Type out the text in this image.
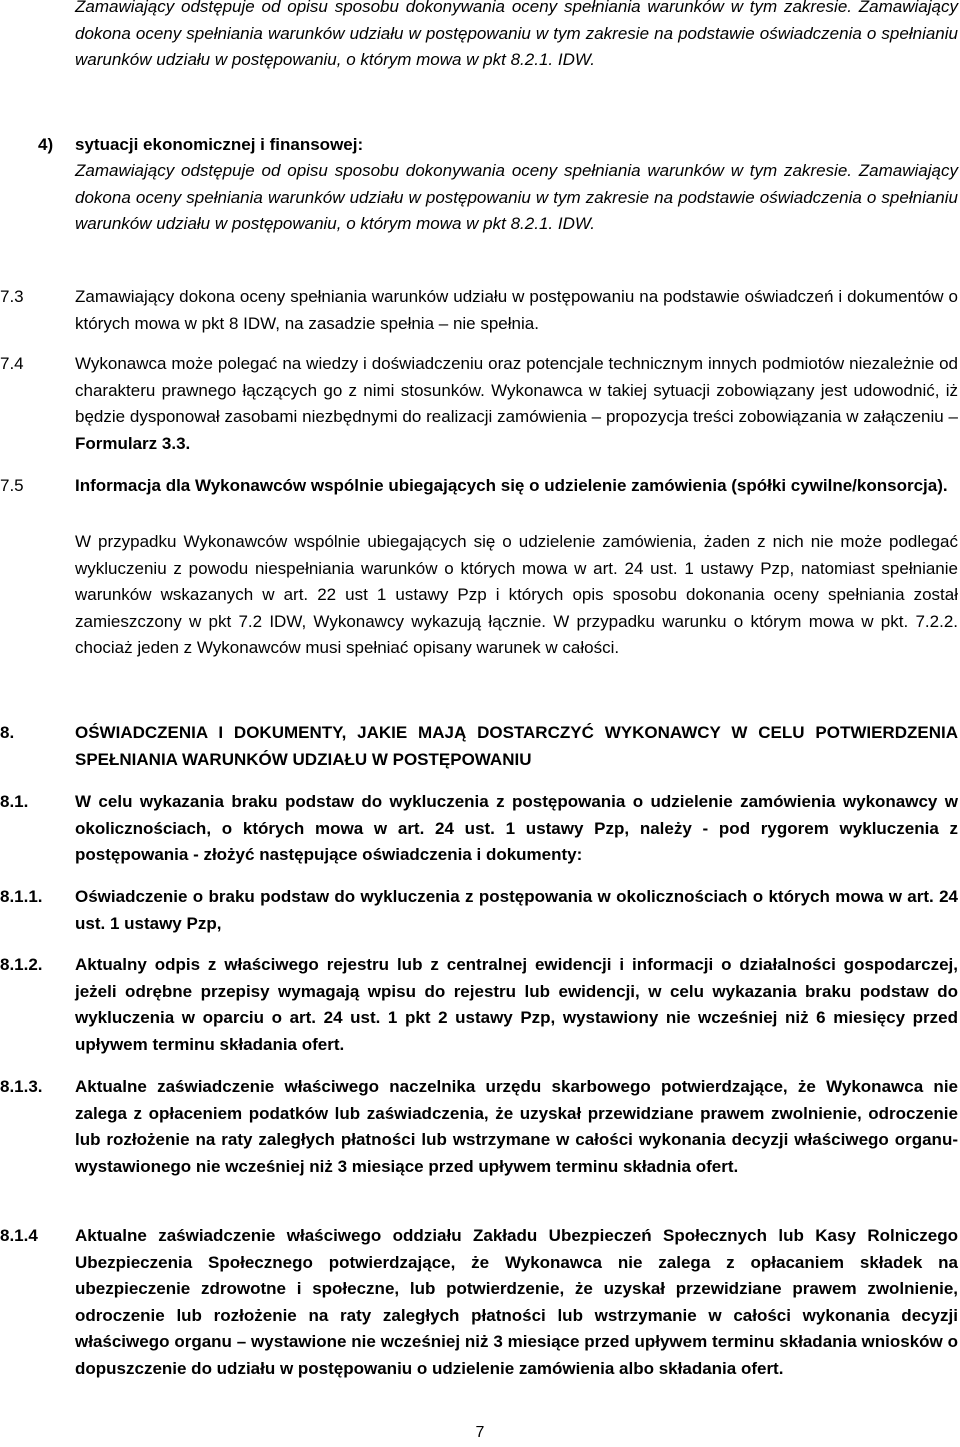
Zamawiający odstępuje od opisu sposobu dokonywania oceny spełniania warunków w tym zakresie. Zamawiający dokona oceny spełniania warunków udziału w postępowaniu w tym zakresie na podstawie oświadczenia o spełnianiu warunków udziału w postępowaniu, o którym mowa w pkt 8.2.1. IDW.
4) sytuacji ekonomicznej i finansowej:
Zamawiający odstępuje od opisu sposobu dokonywania oceny spełniania warunków w tym zakresie. Zamawiający dokona oceny spełniania warunków udziału w postępowaniu w tym zakresie na podstawie oświadczenia o spełnianiu warunków udziału w postępowaniu, o którym mowa w pkt 8.2.1. IDW.
7.3	Zamawiający dokona oceny spełniania warunków udziału w postępowaniu na podstawie oświadczeń i dokumentów o których mowa w pkt 8 IDW, na zasadzie spełnia – nie spełnia.
7.4	Wykonawca może polegać na wiedzy i doświadczeniu oraz potencjale technicznym innych podmiotów niezależnie od charakteru prawnego łączących go z nimi stosunków. Wykonawca w takiej sytuacji zobowiązany jest udowodnić, iż będzie dysponował zasobami niezbędnymi do realizacji zamówienia – propozycja treści zobowiązania w załączeniu – Formularz 3.3.
7.5	Informacja dla Wykonawców wspólnie ubiegających się o udzielenie zamówienia (spółki cywilne/konsorcja).
W przypadku Wykonawców wspólnie ubiegających się o udzielenie zamówienia, żaden z nich nie może podlegać wykluczeniu z powodu niespełniania warunków o których mowa w art. 24 ust. 1 ustawy Pzp, natomiast spełnianie warunków wskazanych w art. 22 ust 1 ustawy Pzp i których opis sposobu dokonania oceny spełniania został zamieszczony w pkt 7.2 IDW, Wykonawcy wykazują łącznie. W przypadku warunku o którym mowa w pkt. 7.2.2. chociaż jeden z Wykonawców musi spełniać opisany warunek w całości.
8.	OŚWIADCZENIA I DOKUMENTY, JAKIE MAJĄ DOSTARCZYĆ WYKONAWCY W CELU POTWIERDZENIA SPEŁNIANIA WARUNKÓW UDZIAŁU W POSTĘPOWANIU
8.1.	W celu wykazania braku podstaw do wykluczenia z postępowania o udzielenie zamówienia wykonawcy w okolicznościach, o których mowa w art. 24 ust. 1 ustawy Pzp, należy - pod rygorem wykluczenia z postępowania - złożyć następujące oświadczenia i dokumenty:
8.1.1.	Oświadczenie o braku podstaw do wykluczenia z postępowania w okolicznościach o których mowa w art. 24 ust. 1 ustawy Pzp,
8.1.2.	Aktualny odpis z właściwego rejestru lub z centralnej ewidencji i informacji o działalności gospodarczej, jeżeli odrębne przepisy wymagają wpisu do rejestru lub ewidencji, w celu wykazania braku podstaw do wykluczenia w oparciu o art. 24 ust. 1 pkt 2 ustawy Pzp, wystawiony nie wcześniej niż 6 miesięcy przed upływem terminu składania ofert.
8.1.3.	Aktualne zaświadczenie właściwego naczelnika urzędu skarbowego potwierdzające, że Wykonawca nie zalega z opłaceniem podatków lub zaświadczenia, że uzyskał przewidziane prawem zwolnienie, odroczenie lub rozłożenie na raty zaległych płatności lub wstrzymane w całości wykonania decyzji właściwego organu- wystawionego nie wcześniej niż 3 miesiące przed upływem terminu składnia ofert.
8.1.4	Aktualne zaświadczenie właściwego oddziału Zakładu Ubezpieczeń Społecznych lub Kasy Rolniczego Ubezpieczenia Społecznego potwierdzające, że Wykonawca nie zalega z opłacaniem składek na ubezpieczenie zdrowotne i społeczne, lub potwierdzenie, że uzyskał przewidziane prawem zwolnienie, odroczenie lub rozłożenie na raty zaległych płatności lub wstrzymanie w całości wykonania decyzji właściwego organu – wystawione nie wcześniej niż 3 miesiące przed upływem terminu składania wniosków o dopuszczenie do udziału w postępowaniu o udzielenie zamówienia albo składania ofert.
7
